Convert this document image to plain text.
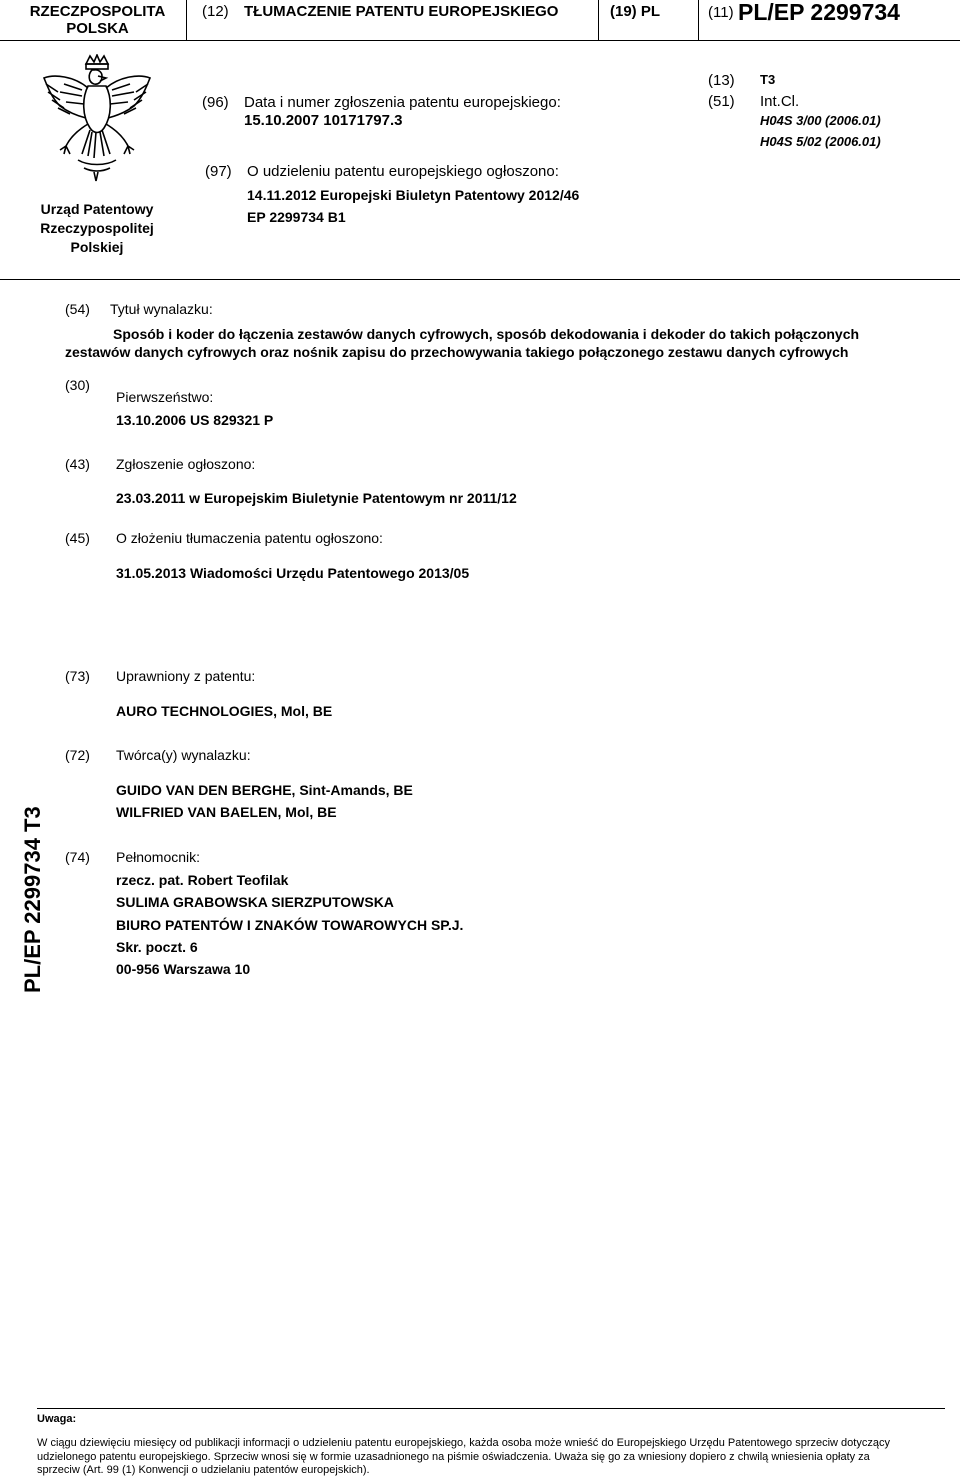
RZECZPOSPOLITA
POLSKA
(12) TŁUMACZENIE PATENTU EUROPEJSKIEGO	(19) PL	(11) PL/EP 2299734
Urząd Patentowy
Rzeczypospolitej
Polskiej
(96) Data i numer zgłoszenia patentu europejskiego:
15.10.2007 10171797.3
(97) O udzieleniu patentu europejskiego ogłoszono:
14.11.2012 Europejski Biuletyn Patentowy 2012/46
EP 2299734 B1
(13) T3
(51) Int.Cl.
H04S 3/00 (2006.01)
H04S 5/02 (2006.01)
(54) Tytuł wynalazku:
Sposób i koder do łączenia zestawów danych cyfrowych, sposób dekodowania i dekoder do takich połączonych
zestawów danych cyfrowych oraz nośnik zapisu do przechowywania takiego połączonego zestawu danych cyfrowych
(30)
Pierwszeństwo:
13.10.2006 US 829321 P
(43) Zgłoszenie ogłoszono:
23.03.2011 w Europejskim Biuletynie Patentowym nr 2011/12
(45) O złożeniu tłumaczenia patentu ogłoszono:
31.05.2013 Wiadomości Urzędu Patentowego 2013/05
(73) Uprawniony z patentu:
AURO TECHNOLOGIES, Mol, BE
(72) Twórca(y) wynalazku:
GUIDO VAN DEN BERGHE, Sint-Amands, BE
WILFRIED VAN BAELEN, Mol, BE
(74) Pełnomocnik:
rzecz. pat. Robert Teofilak
SULIMA GRABOWSKA SIERZPUTOWSKA
BIURO PATENTÓW I ZNAKÓW TOWAROWYCH SP.J.
Skr. poczt. 6
00-956 Warszawa 10
PL/EP 2299734 T3
Uwaga:
W ciągu dziewięciu miesięcy od publikacji informacji o udzieleniu patentu europejskiego, każda osoba może wnieść do Europejskiego Urzędu Patentowego sprzeciw dotyczący
udzielonego patentu europejskiego. Sprzeciw wnosi się w formie uzasadnionego na piśmie oświadczenia. Uważa się go za wniesiony dopiero z chwilą wniesienia opłaty za
sprzeciw (Art. 99 (1) Konwencji o udzielaniu patentów europejskich).
